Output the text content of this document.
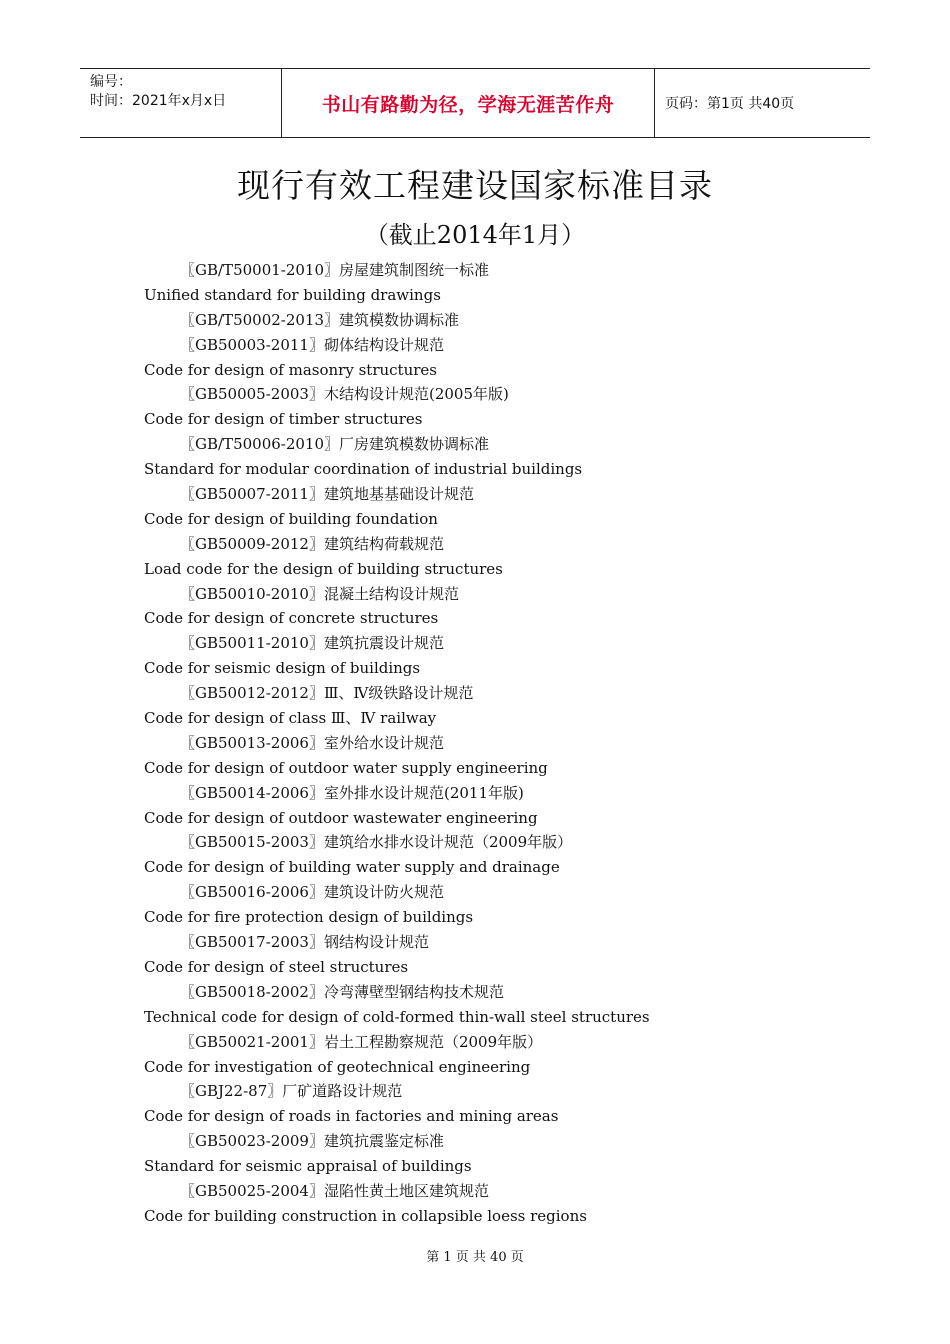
编号：
时间：2021年x月x日	书山有路勤为径，学海无涯苦作舟	页码：第1页 共40页
现行有效工程建设国家标准目录
（截止2014年1月）
〖GB/T50001-2010〗房屋建筑制图统一标准
Unified standard for building drawings
〖GB/T50002-2013〗建筑模数协调标准
〖GB50003-2011〗砌体结构设计规范
Code for design of masonry structures
〖GB50005-2003〗木结构设计规范(2005年版)
Code for design of timber structures
〖GB/T50006-2010〗厂房建筑模数协调标准
Standard for modular coordination of industrial buildings
〖GB50007-2011〗建筑地基基础设计规范
Code for design of building foundation
〖GB50009-2012〗建筑结构荷载规范
Load code for the design of building structures
〖GB50010-2010〗混凝土结构设计规范
Code for design of concrete structures
〖GB50011-2010〗建筑抗震设计规范
Code for seismic design of buildings
〖GB50012-2012〗Ⅲ、Ⅳ级铁路设计规范
Code for design of class Ⅲ、Ⅳ railway
〖GB50013-2006〗室外给水设计规范
Code for design of outdoor water supply engineering
〖GB50014-2006〗室外排水设计规范(2011年版)
Code for design of outdoor wastewater engineering
〖GB50015-2003〗建筑给水排水设计规范（2009年版）
Code for design of building water supply and drainage
〖GB50016-2006〗建筑设计防火规范
Code for fire protection design of buildings
〖GB50017-2003〗钢结构设计规范
Code for design of steel structures
〖GB50018-2002〗冷弯薄壁型钢结构技术规范
Technical code for design of cold-formed thin-wall steel structures
〖GB50021-2001〗岩土工程勘察规范（2009年版）
Code for investigation of geotechnical engineering
〖GBJ22-87〗厂矿道路设计规范
Code for design of roads in factories and mining areas
〖GB50023-2009〗建筑抗震鉴定标准
Standard for seismic appraisal of buildings
〖GB50025-2004〗湿陷性黄土地区建筑规范
Code for building construction in collapsible loess regions
第 1 页 共 40 页
